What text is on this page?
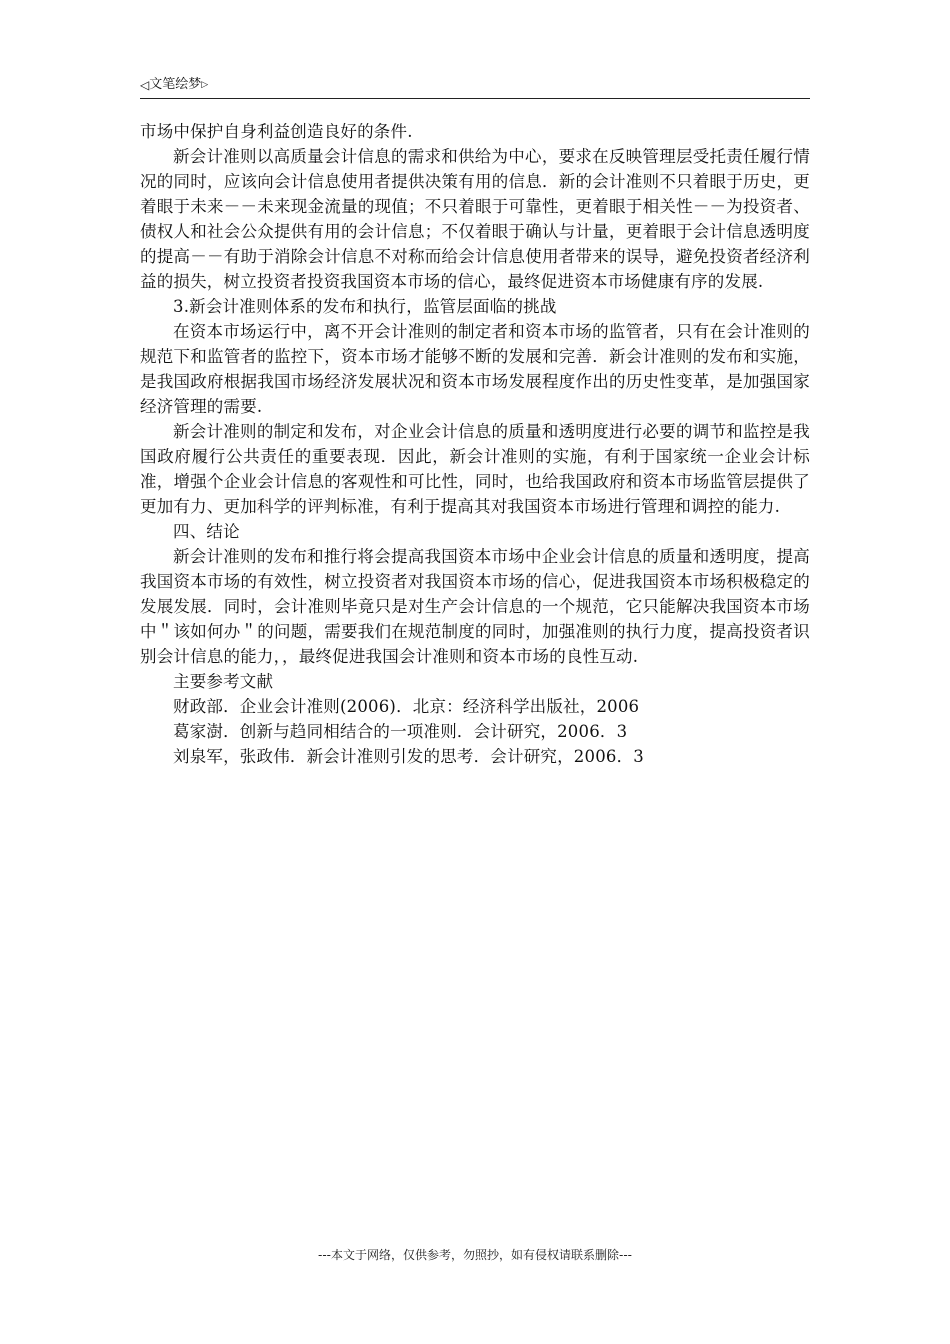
◁文笔绘梦▷

市场中保护自身利益创造良好的条件.

新会计准则以高质量会计信息的需求和供给为中心，要求在反映管理层受托责任履行情况的同时，应该向会计信息使用者提供决策有用的信息．新的会计准则不只着眼于历史，更着眼于未来－－未来现金流量的现值；不只着眼于可靠性，更着眼于相关性－－为投资者、债权人和社会公众提供有用的会计信息；不仅着眼于确认与计量，更着眼于会计信息透明度的提高－－有助于消除会计信息不对称而给会计信息使用者带来的误导，避免投资者经济利益的损失，树立投资者投资我国资本市场的信心，最终促进资本市场健康有序的发展.

3.新会计准则体系的发布和执行，监管层面临的挑战

在资本市场运行中，离不开会计准则的制定者和资本市场的监管者，只有在会计准则的规范下和监管者的监控下，资本市场才能够不断的发展和完善．新会计准则的发布和实施，是我国政府根据我国市场经济发展状况和资本市场发展程度作出的历史性变革，是加强国家经济管理的需要.

新会计准则的制定和发布，对企业会计信息的质量和透明度进行必要的调节和监控是我国政府履行公共责任的重要表现．因此，新会计准则的实施，有利于国家统一企业会计标准，增强个企业会计信息的客观性和可比性，同时，也给我国政府和资本市场监管层提供了更加有力、更加科学的评判标准，有利于提高其对我国资本市场进行管理和调控的能力.

四、结论

新会计准则的发布和推行将会提高我国资本市场中企业会计信息的质量和透明度，提高我国资本市场的有效性，树立投资者对我国资本市场的信心，促进我国资本市场积极稳定的发展发展．同时，会计准则毕竟只是对生产会计信息的一个规范，它只能解决我国资本市场中＂该如何办＂的问题，需要我们在规范制度的同时，加强准则的执行力度，提高投资者识别会计信息的能力，，最终促进我国会计准则和资本市场的良性互动.

主要参考文献

财政部．企业会计准则(2006)．北京：经济科学出版社，2006

葛家澍．创新与趋同相结合的一项准则．会计研究，2006．3

刘泉军，张政伟．新会计准则引发的思考．会计研究，2006．3

---本文于网络，仅供参考，勿照抄，如有侵权请联系删除---
